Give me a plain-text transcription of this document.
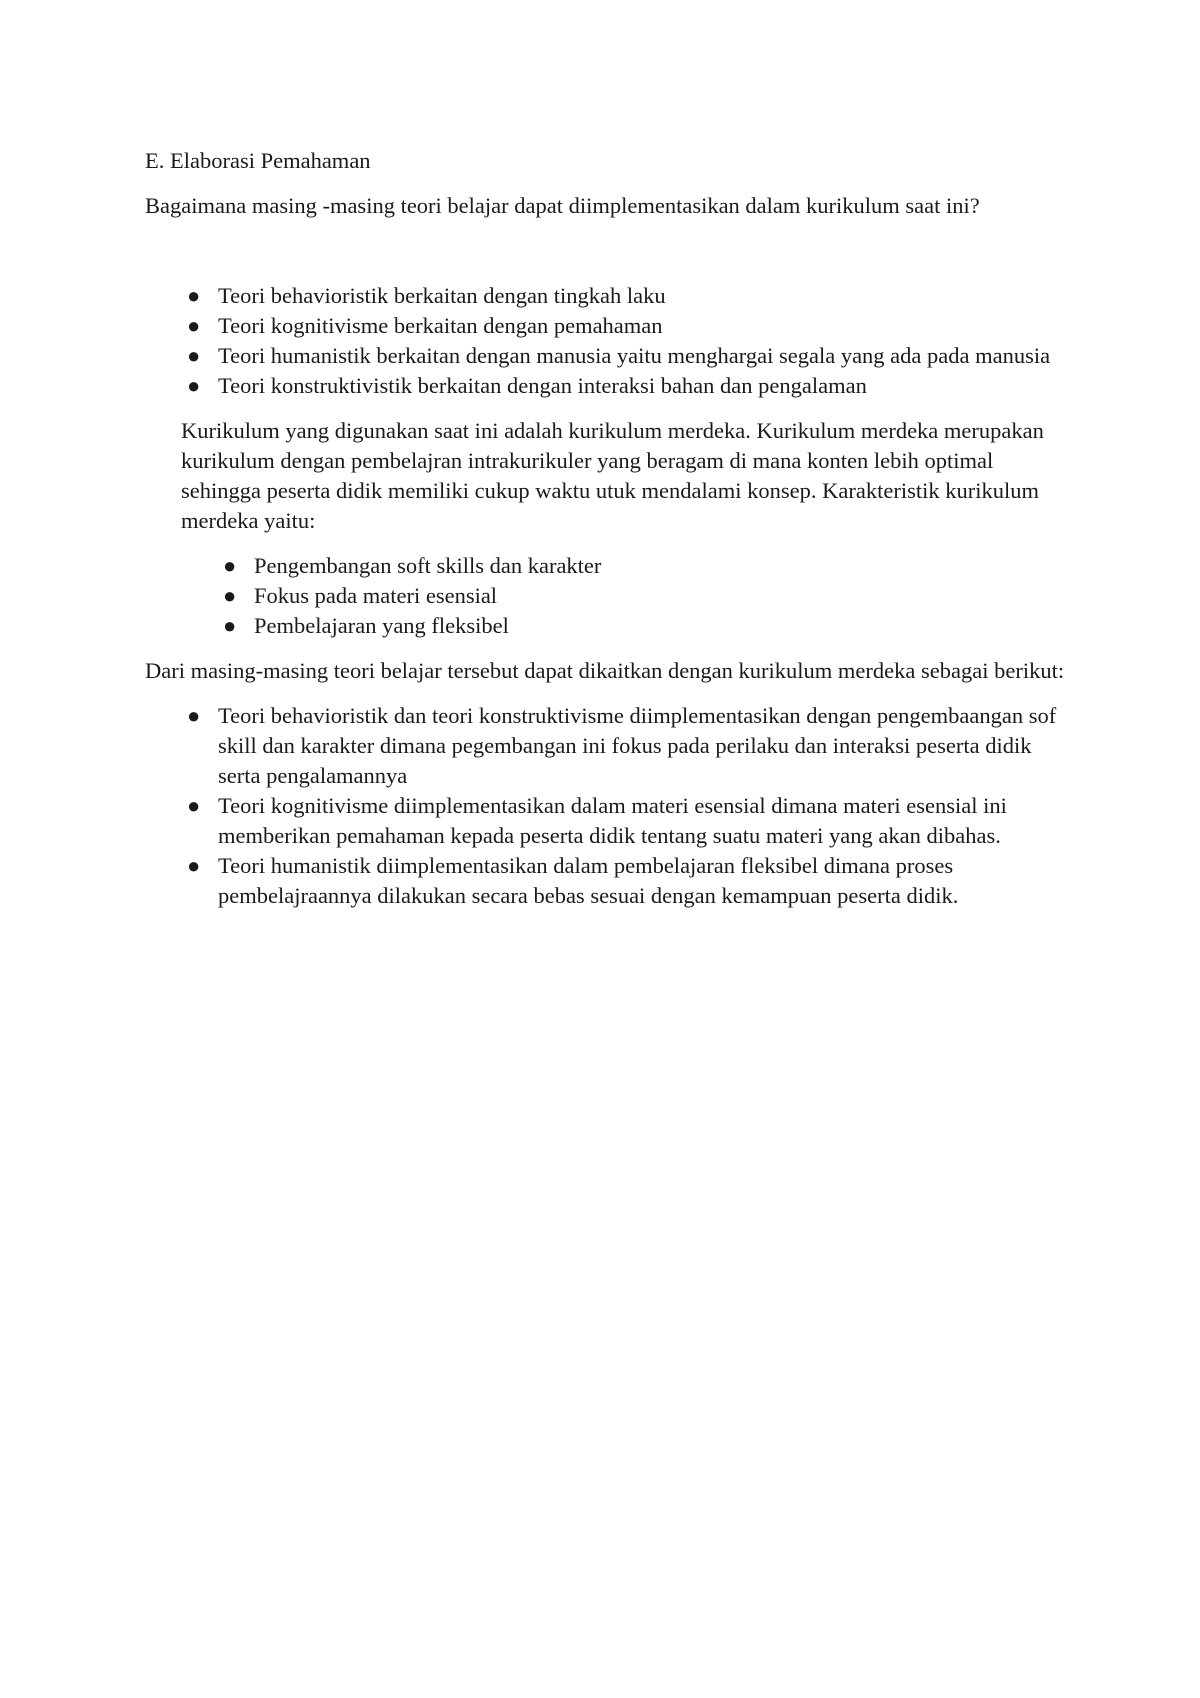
E. Elaborasi Pemahaman

Bagaimana masing -masing teori belajar dapat diimplementasikan dalam kurikulum saat ini?

● Teori behavioristik berkaitan dengan tingkah laku
● Teori kognitivisme berkaitan dengan pemahaman
● Teori humanistik berkaitan dengan manusia yaitu menghargai segala yang ada pada manusia
● Teori konstruktivistik berkaitan dengan interaksi bahan dan pengalaman

Kurikulum yang digunakan saat ini adalah kurikulum merdeka. Kurikulum merdeka merupakan kurikulum dengan pembelajran intrakurikuler yang beragam di mana konten lebih optimal sehingga peserta didik memiliki cukup waktu utuk mendalami konsep. Karakteristik kurikulum merdeka yaitu:

● Pengembangan soft skills dan karakter
● Fokus pada materi esensial
● Pembelajaran yang fleksibel

Dari masing-masing teori belajar tersebut dapat dikaitkan dengan kurikulum merdeka sebagai berikut:

● Teori behavioristik dan teori konstruktivisme diimplementasikan dengan pengembaangan sof skill dan karakter dimana pegembangan ini fokus pada perilaku dan interaksi peserta didik serta pengalamannya
● Teori kognitivisme diimplementasikan dalam materi esensial dimana materi esensial ini memberikan pemahaman kepada peserta didik tentang suatu materi yang akan dibahas.
● Teori humanistik diimplementasikan dalam pembelajaran fleksibel dimana proses pembelajraannya dilakukan secara bebas sesuai dengan kemampuan peserta didik.
